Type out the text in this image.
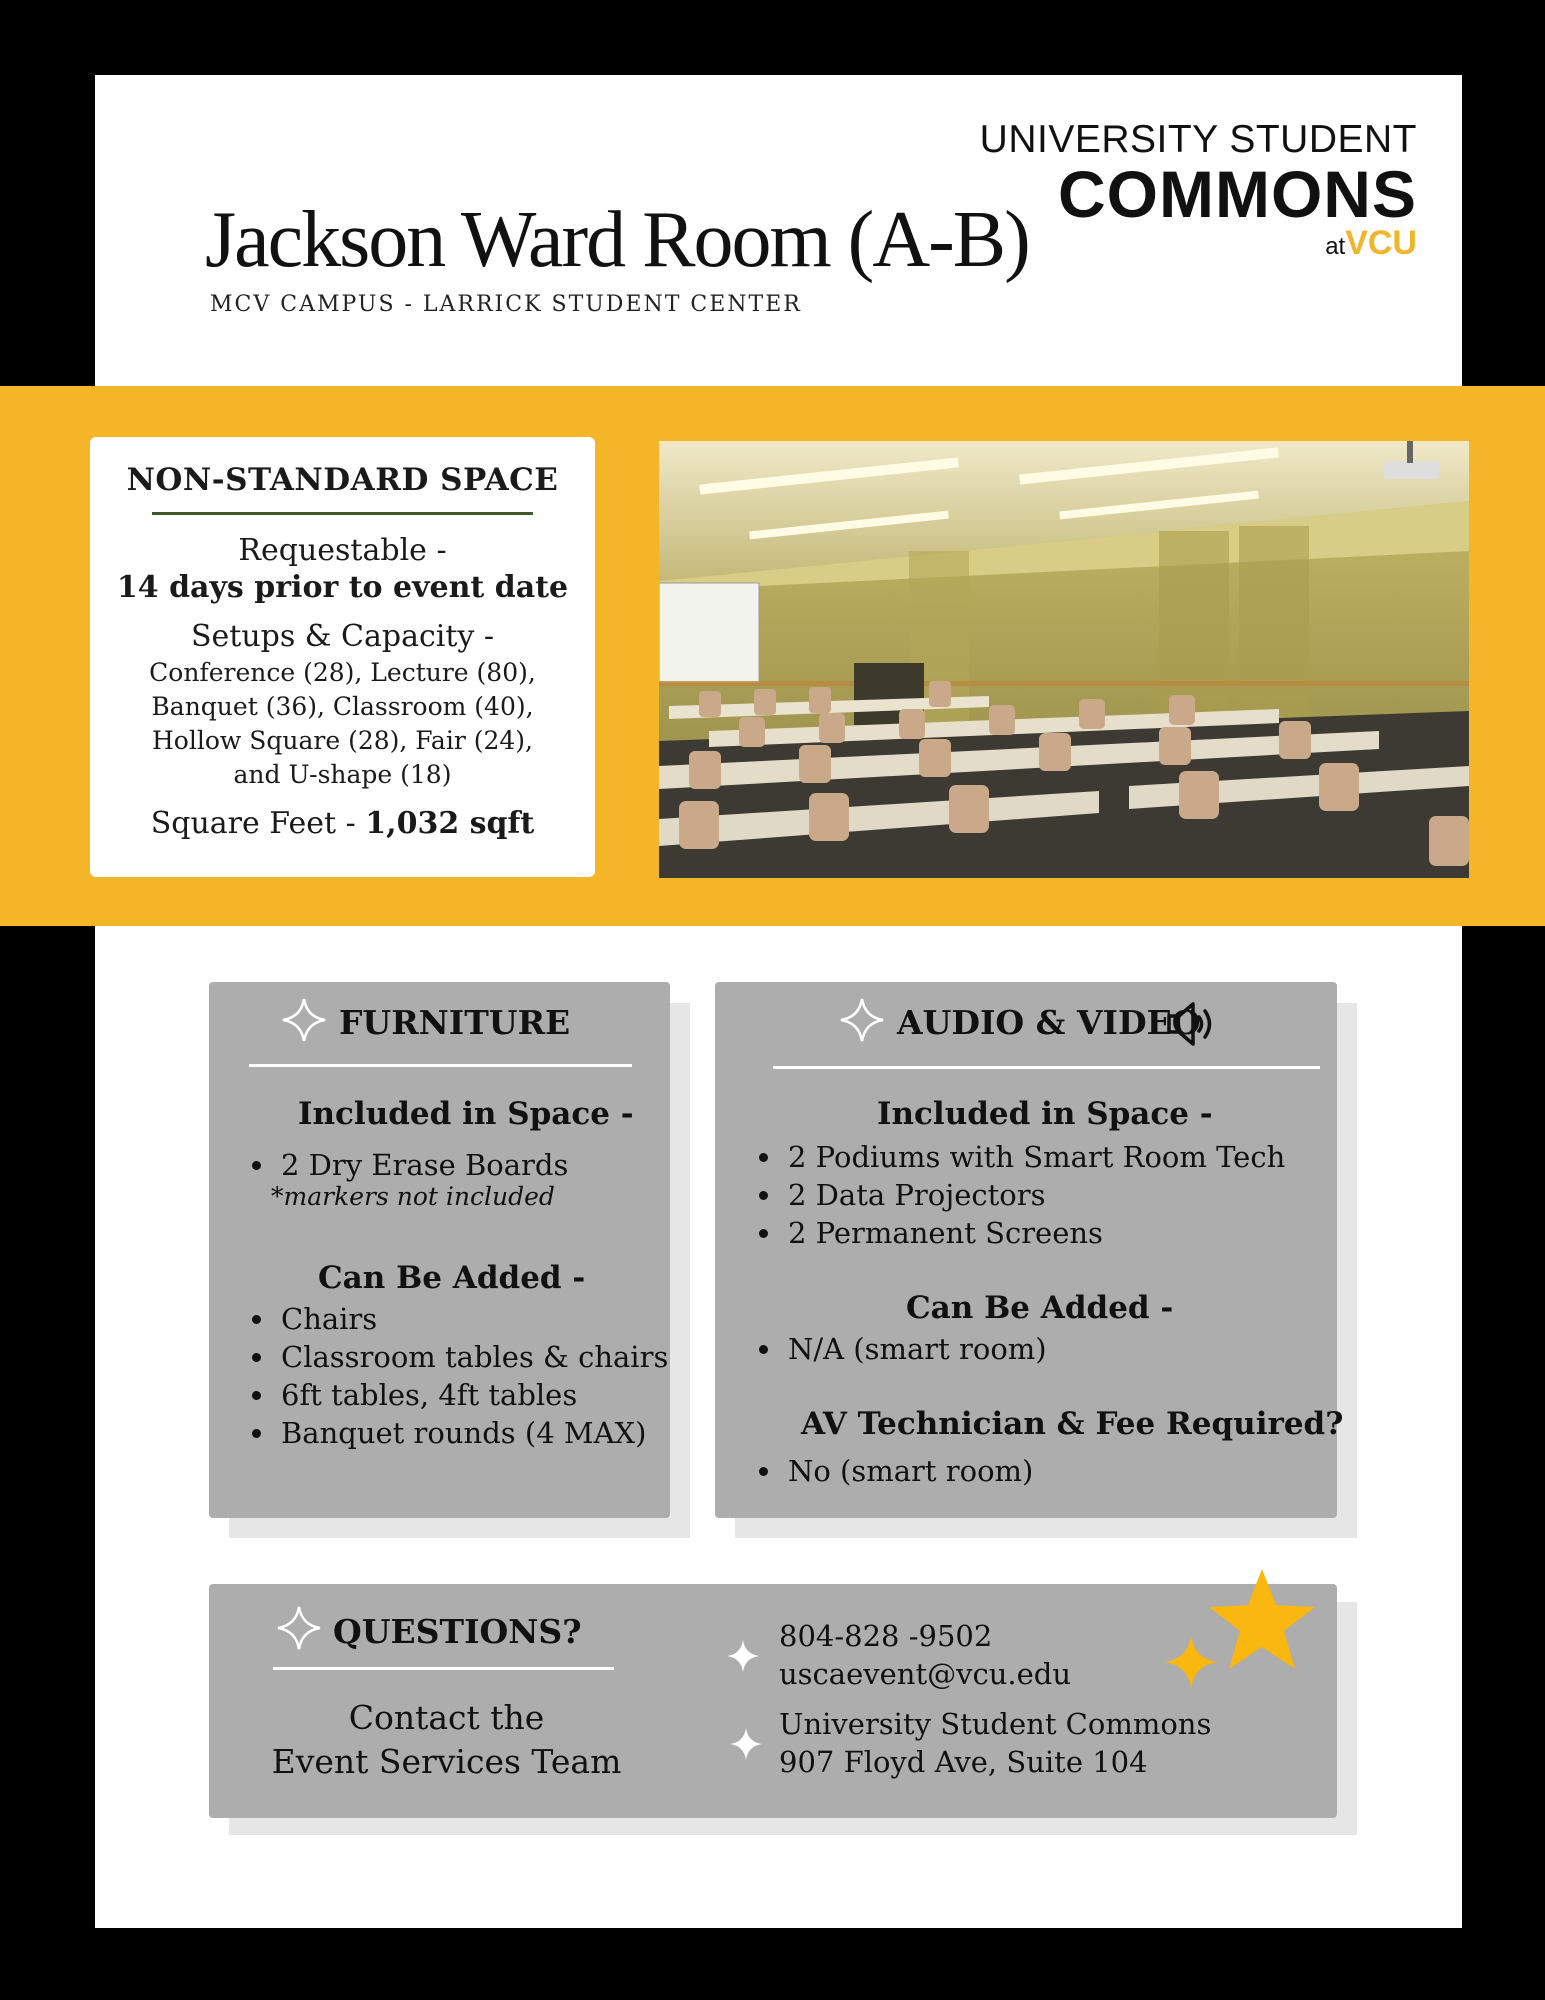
Jackson Ward Room (A-B)
MCV CAMPUS - LARRICK STUDENT CENTER
UNIVERSITY STUDENT
COMMONS
atVCU
NON-STANDARD SPACE
Requestable -
14 days prior to event date
Setups & Capacity -
Conference (28), Lecture (80),
Banquet (36), Classroom (40),
Hollow Square (28), Fair (24),
and U-shape (18)
Square Feet - 1,032 sqft
FURNITURE
Included in Space -
• 2 Dry Erase Boards
*markers not included
Can Be Added -
• Chairs
• Classroom tables & chairs
• 6ft tables, 4ft tables
• Banquet rounds (4 MAX)
AUDIO & VIDEO
Included in Space -
• 2 Podiums with Smart Room Tech
• 2 Data Projectors
• 2 Permanent Screens
Can Be Added -
• N/A (smart room)
AV Technician & Fee Required?
• No (smart room)
QUESTIONS?
Contact the
Event Services Team
804-828 -9502
uscaevent@vcu.edu
University Student Commons
907 Floyd Ave, Suite 104
